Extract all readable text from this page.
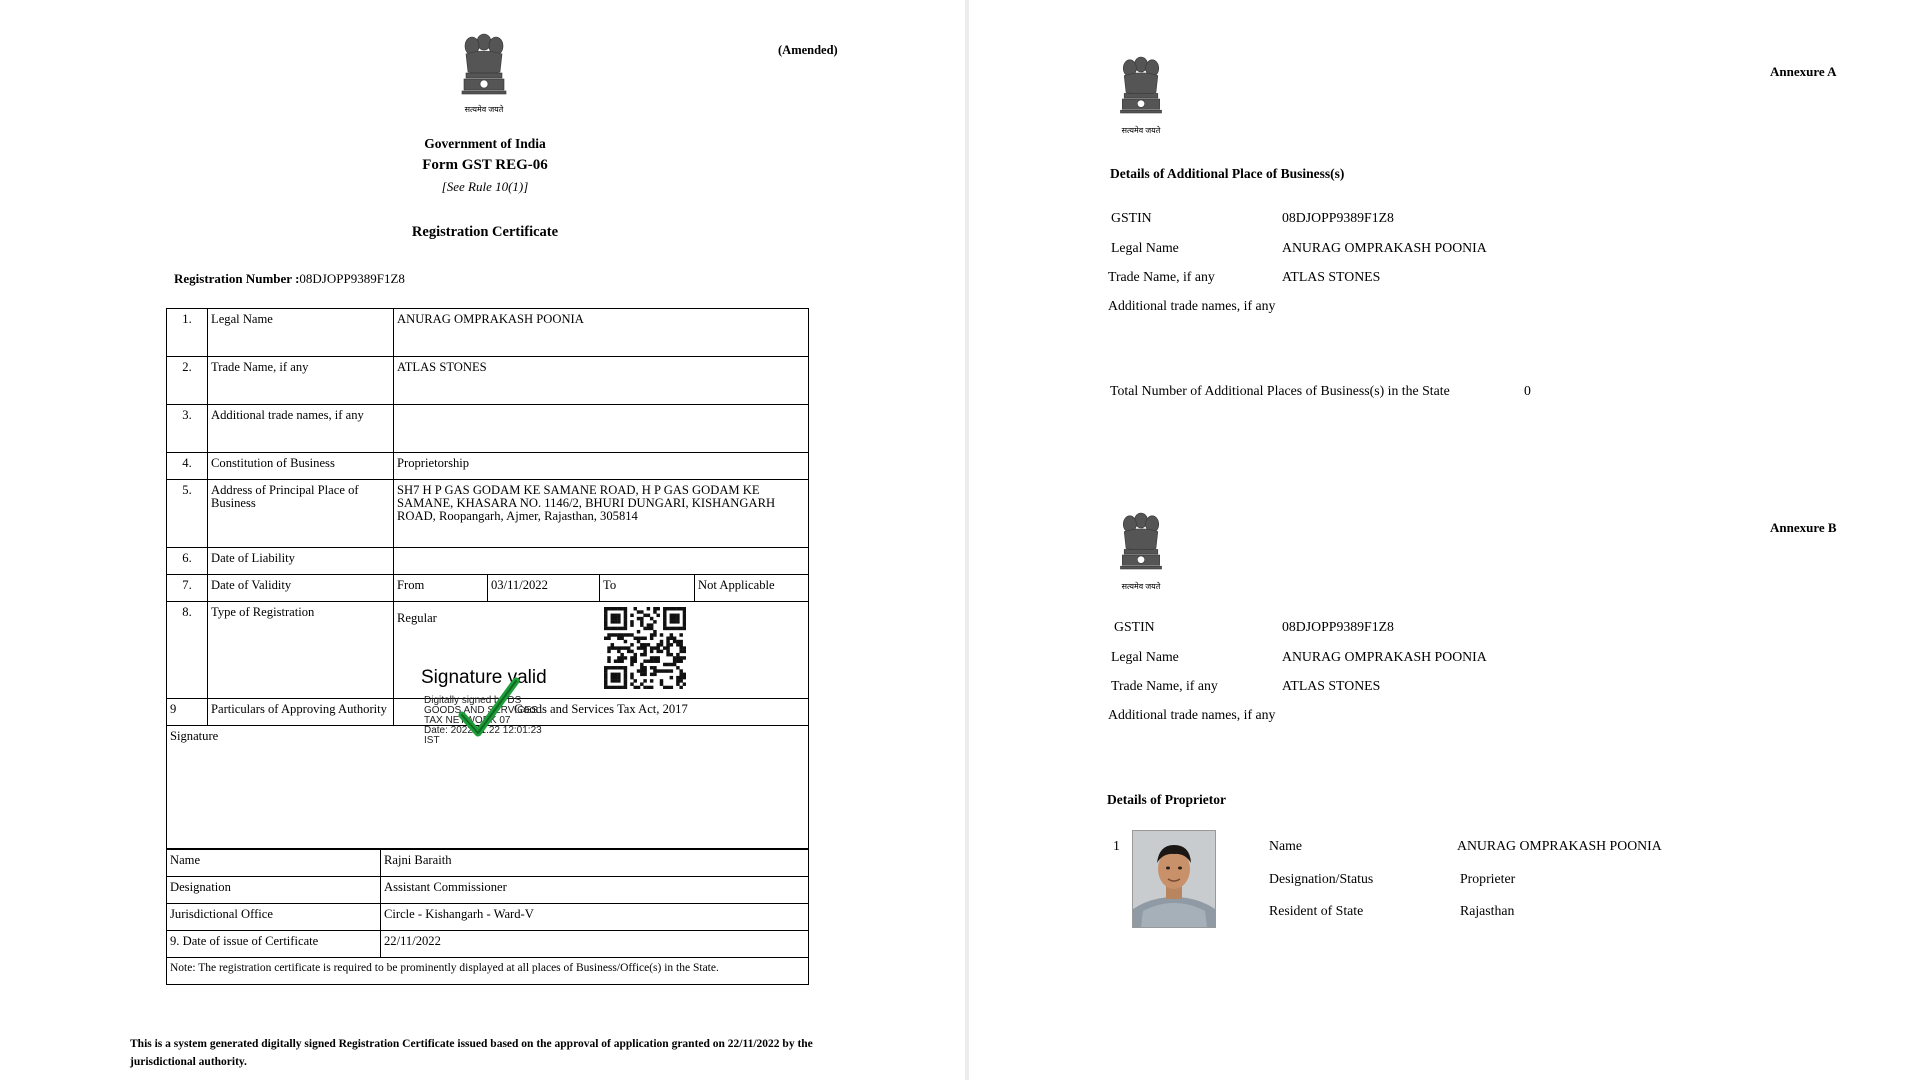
सत्यमेव जयते
(Amended)
Government of India
Form GST REG-06
[See Rule 10(1)]
Registration Certificate
Registration Number :08DJOPP9389F1Z8
1.	Legal Name	ANURAG OMPRAKASH POONIA			
2.	Trade Name, if any	ATLAS STONES			
3.	Additional trade names, if any				
4.	Constitution of Business	Proprietorship			
5.	Address of Principal Place of Business	SH7 H P GAS GODAM KE SAMANE ROAD, H P GAS GODAM KE SAMANE, KHASARA NO. 1146/2, BHURI DUNGARI, KISHANGARH ROAD, Roopangarh, Ajmer, Rajasthan, 305814			
6.	Date of Liability				
7.	Date of Validity	From	03/11/2022	To	Not Applicable
8.	Type of Registration	Regular			

9	Particulars of Approving Authority	Goods and Services Tax Act, 2017			
Signature					
Name	Rajni Baraith
Designation	Assistant Commissioner
Jurisdictional Office	Circle - Kishangarh - Ward-V
9. Date of issue of Certificate	22/11/2022
Note: The registration certificate is required to be prominently displayed at all places of Business/Office(s) in the State.	
Signature valid
Digitally signed by DS
GOODS AND SERVICES
TAX NETWORK 07
Date: 2022.11.22 12:01:23
IST
This is a system generated digitally signed Registration Certificate issued based on the approval of application granted on 22/11/2022 by the jurisdictional authority.
सत्यमेव जयते
Annexure A
Details of Additional Place of Business(s)
GSTIN	08DJOPP9389F1Z8
Legal Name	ANURAG OMPRAKASH POONIA
Trade Name, if any	ATLAS STONES
Additional trade names, if any
Total Number of Additional Places of Business(s) in the State	0
सत्यमेव जयते
Annexure B
GSTIN	08DJOPP9389F1Z8
Legal Name	ANURAG OMPRAKASH POONIA
Trade Name, if any	ATLAS STONES
Additional trade names, if any
Details of Proprietor
1	Name	ANURAG OMPRAKASH POONIA
Designation/Status	Proprieter
Resident of State	Rajasthan
